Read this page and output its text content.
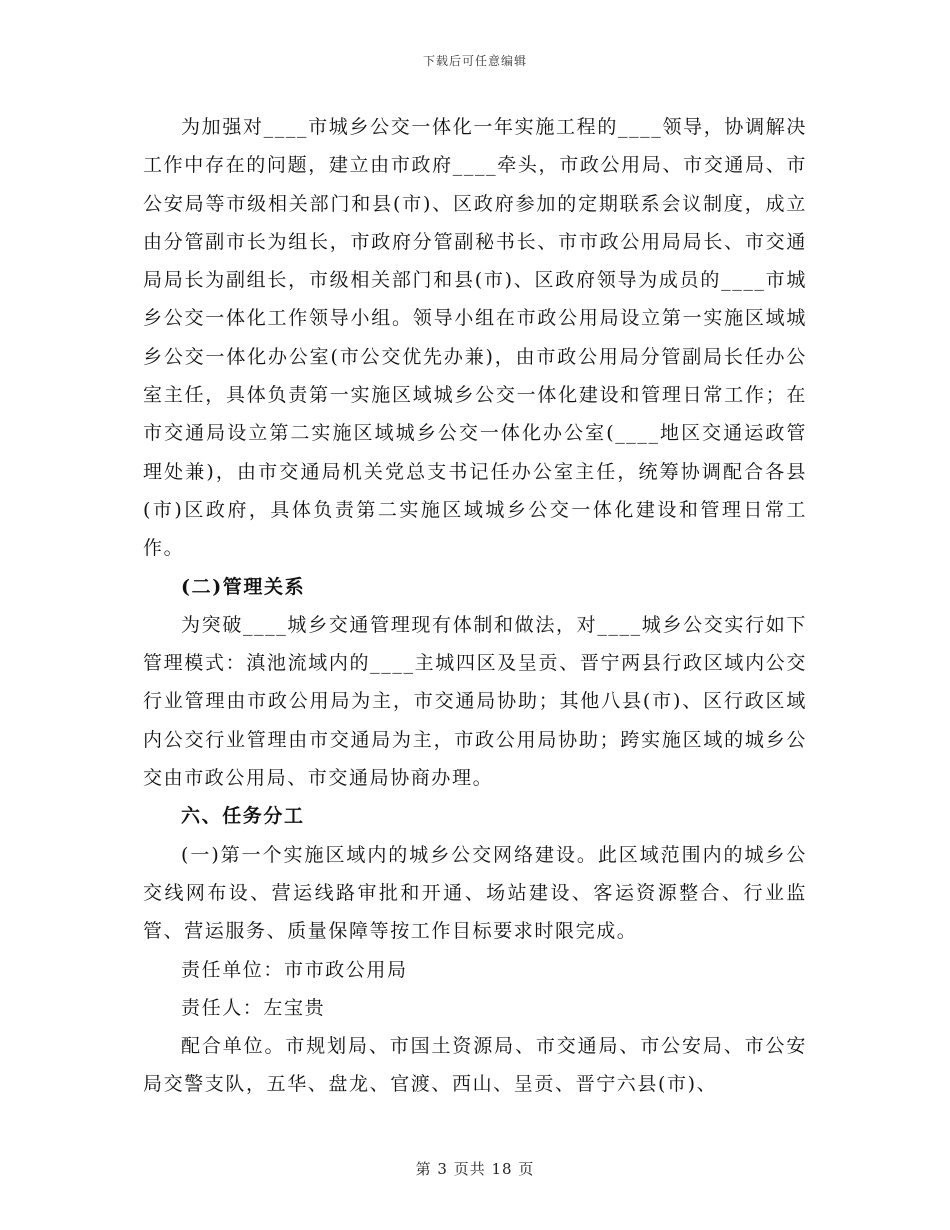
下载后可任意编辑

为加强对____市城乡公交一体化一年实施工程的____领导，协调解决工作中存在的问题，建立由市政府____牵头，市政公用局、市交通局、市公安局等市级相关部门和县(市)、区政府参加的定期联系会议制度，成立由分管副市长为组长，市政府分管副秘书长、市市政公用局局长、市交通局局长为副组长，市级相关部门和县(市)、区政府领导为成员的____市城乡公交一体化工作领导小组。领导小组在市政公用局设立第一实施区域城乡公交一体化办公室(市公交优先办兼)，由市政公用局分管副局长任办公室主任，具体负责第一实施区域城乡公交一体化建设和管理日常工作；在市交通局设立第二实施区域城乡公交一体化办公室(____地区交通运政管理处兼)，由市交通局机关党总支书记任办公室主任，统筹协调配合各县(市)区政府，具体负责第二实施区域城乡公交一体化建设和管理日常工作。

(二)管理关系

为突破____城乡交通管理现有体制和做法，对____城乡公交实行如下管理模式：滇池流域内的____主城四区及呈贡、晋宁两县行政区域内公交行业管理由市政公用局为主，市交通局协助；其他八县(市)、区行政区域内公交行业管理由市交通局为主，市政公用局协助；跨实施区域的城乡公交由市政公用局、市交通局协商办理。

六、任务分工

(一)第一个实施区域内的城乡公交网络建设。此区域范围内的城乡公交线网布设、营运线路审批和开通、场站建设、客运资源整合、行业监管、营运服务、质量保障等按工作目标要求时限完成。

责任单位：市市政公用局

责任人：左宝贵

配合单位。市规划局、市国土资源局、市交通局、市公安局、市公安局交警支队，五华、盘龙、官渡、西山、呈贡、晋宁六县(市)、

第 3 页共 18 页
